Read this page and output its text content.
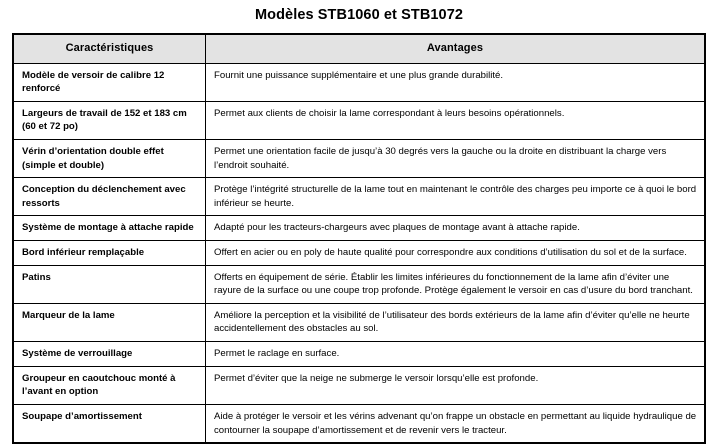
Modèles STB1060 et STB1072
Caractéristiques	Avantages
Modèle de versoir de calibre 12 renforcé	Fournit une puissance supplémentaire et une plus grande durabilité.
Largeurs de travail de 152 et 183 cm (60 et 72 po)	Permet aux clients de choisir la lame correspondant à leurs besoins opérationnels.
Vérin d’orientation double effet (simple et double)	Permet une orientation facile de jusqu’à 30 degrés vers la gauche ou la droite en distribuant la charge vers l’endroit souhaité.
Conception du déclenchement avec ressorts	Protège l’intégrité structurelle de la lame tout en maintenant le contrôle des charges peu importe ce à quoi le bord inférieur se heurte.
Système de montage à attache rapide	Adapté pour les tracteurs-chargeurs avec plaques de montage avant à attache rapide.
Bord inférieur remplaçable	Offert en acier ou en poly de haute qualité pour correspondre aux conditions d’utilisation du sol et de la surface.
Patins	Offerts en équipement de série. Établir les limites inférieures du fonctionnement de la lame afin d’éviter une rayure de la surface ou une coupe trop profonde. Protège également le versoir en cas d’usure du bord tranchant.
Marqueur de la lame	Améliore la perception et la visibilité de l’utilisateur des bords extérieurs de la lame afin d’éviter qu’elle ne heurte accidentellement des obstacles au sol.
Système de verrouillage	Permet le raclage en surface.
Groupeur en caoutchouc monté à l’avant en option	Permet d’éviter que la neige ne submerge le versoir lorsqu’elle est profonde.
Soupape d’amortissement	Aide à protéger le versoir et les vérins advenant qu’on frappe un obstacle en permettant au liquide hydraulique de contourner la soupape d’amortissement et de revenir vers le tracteur.
